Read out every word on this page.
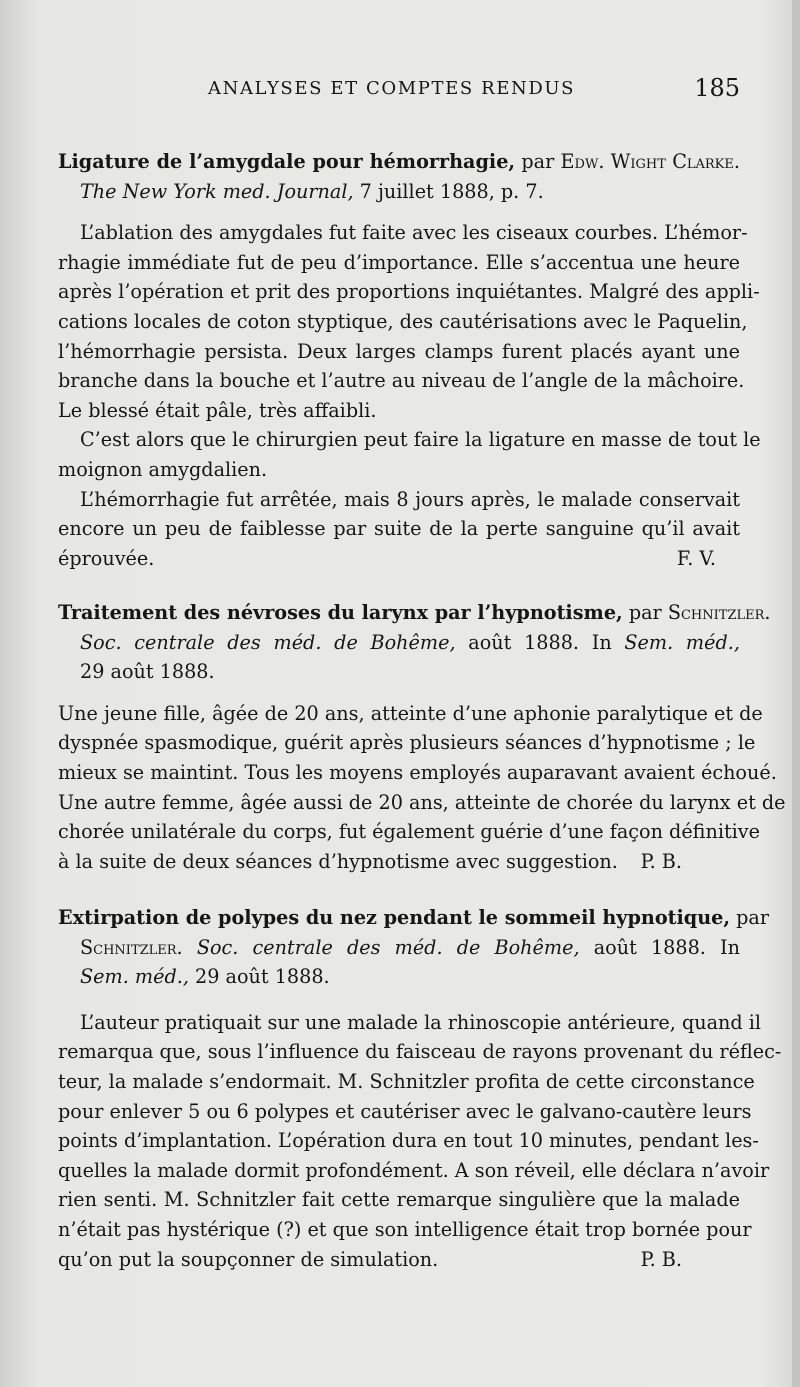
ANALYSES ET COMPTES RENDUS	185
Ligature de l’amygdale pour hémorrhagie, par Edw. Wight Clarke.
The New York med. Journal, 7 juillet 1888, p. 7.
L’ablation des amygdales fut faite avec les ciseaux courbes. L’hémor-
rhagie immédiate fut de peu d’importance. Elle s’accentua une heure
après l’opération et prit des proportions inquiétantes. Malgré des appli-
cations locales de coton styptique, des cautérisations avec le Paquelin,
l’hémorrhagie persista. Deux larges clamps furent placés ayant une
branche dans la bouche et l’autre au niveau de l’angle de la mâchoire.
Le blessé était pâle, très affaibli.
C’est alors que le chirurgien peut faire la ligature en masse de tout le
moignon amygdalien.
L’hémorrhagie fut arrêtée, mais 8 jours après, le malade conservait
encore un peu de faiblesse par suite de la perte sanguine qu’il avait
éprouvée.	F. V.
Traitement des névroses du larynx par l’hypnotisme, par Schnitzler.
Soc. centrale des méd. de Bohême, août 1888. In Sem. méd.,
29 août 1888.
Une jeune fille, âgée de 20 ans, atteinte d’une aphonie paralytique et de
dyspnée spasmodique, guérit après plusieurs séances d’hypnotisme ; le
mieux se maintint. Tous les moyens employés auparavant avaient échoué.
Une autre femme, âgée aussi de 20 ans, atteinte de chorée du larynx et de
chorée unilatérale du corps, fut également guérie d’une façon définitive
à la suite de deux séances d’hypnotisme avec suggestion. P. B.
Extirpation de polypes du nez pendant le sommeil hypnotique, par
Schnitzler. Soc. centrale des méd. de Bohême, août 1888. In
Sem. méd., 29 août 1888.
L’auteur pratiquait sur une malade la rhinoscopie antérieure, quand il
remarqua que, sous l’influence du faisceau de rayons provenant du réflec-
teur, la malade s’endormait. M. Schnitzler profita de cette circonstance
pour enlever 5 ou 6 polypes et cautériser avec le galvano-cautère leurs
points d’implantation. L’opération dura en tout 10 minutes, pendant les-
quelles la malade dormit profondément. A son réveil, elle déclara n’avoir
rien senti. M. Schnitzler fait cette remarque singulière que la malade
n’était pas hystérique (?) et que son intelligence était trop bornée pour
qu’on put la soupçonner de simulation.	P. B.
